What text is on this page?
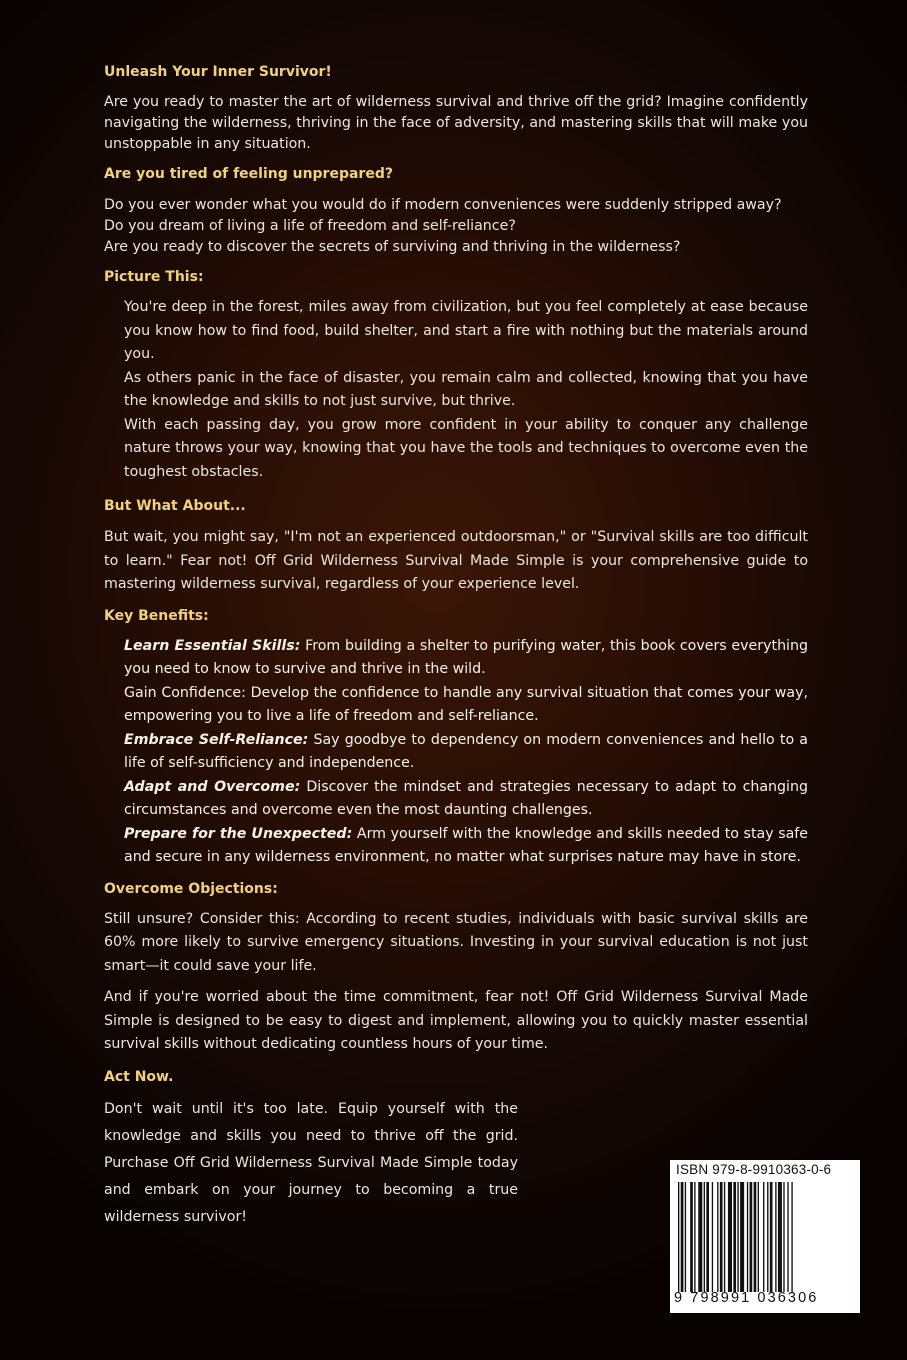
Unleash Your Inner Survivor!

Are you ready to master the art of wilderness survival and thrive off the grid? Imagine confidently navigating the wilderness, thriving in the face of adversity, and mastering skills that will make you unstoppable in any situation.

Are you tired of feeling unprepared?

Do you ever wonder what you would do if modern conveniences were suddenly stripped away?

Do you dream of living a life of freedom and self-reliance?

Are you ready to discover the secrets of surviving and thriving in the wilderness?

Picture This:

You're deep in the forest, miles away from civilization, but you feel completely at ease because you know how to find food, build shelter, and start a fire with nothing but the materials around you.

As others panic in the face of disaster, you remain calm and collected, knowing that you have the knowledge and skills to not just survive, but thrive.

With each passing day, you grow more confident in your ability to conquer any challenge nature throws your way, knowing that you have the tools and techniques to overcome even the toughest obstacles.

But What About...

But wait, you might say, "I'm not an experienced outdoorsman," or "Survival skills are too difficult to learn." Fear not! Off Grid Wilderness Survival Made Simple is your comprehensive guide to mastering wilderness survival, regardless of your experience level.

Key Benefits:

Learn Essential Skills: From building a shelter to purifying water, this book covers everything you need to know to survive and thrive in the wild.

Gain Confidence: Develop the confidence to handle any survival situation that comes your way, empowering you to live a life of freedom and self-reliance.

Embrace Self-Reliance: Say goodbye to dependency on modern conveniences and hello to a life of self-sufficiency and independence.

Adapt and Overcome: Discover the mindset and strategies necessary to adapt to changing circumstances and overcome even the most daunting challenges.

Prepare for the Unexpected: Arm yourself with the knowledge and skills needed to stay safe and secure in any wilderness environment, no matter what surprises nature may have in store.

Overcome Objections:

Still unsure? Consider this: According to recent studies, individuals with basic survival skills are 60% more likely to survive emergency situations. Investing in your survival education is not just smart—it could save your life.

And if you're worried about the time commitment, fear not! Off Grid Wilderness Survival Made Simple is designed to be easy to digest and implement, allowing you to quickly master essential survival skills without dedicating countless hours of your time.

Act Now.

Don't wait until it's too late. Equip yourself with the knowledge and skills you need to thrive off the grid. Purchase Off Grid Wilderness Survival Made Simple today and embark on your journey to becoming a true wilderness survivor!

ISBN 979-8-9910363-0-6
9 798991 036306
